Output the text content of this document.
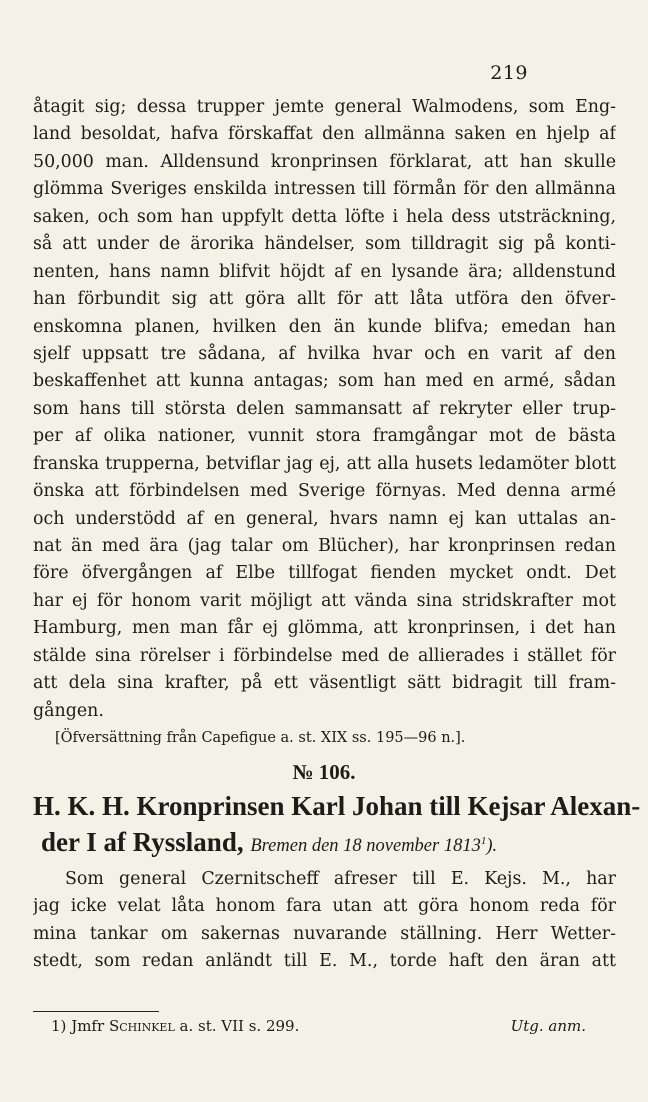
219
åtagit sig; dessa trupper jemte general Walmodens, som Eng-
land besoldat, hafva förskaffat den allmänna saken en hjelp af
50,000 man. Alldensund kronprinsen förklarat, att han skulle
glömma Sveriges enskilda intressen till förmån för den allmänna
saken, och som han uppfylt detta löfte i hela dess utsträckning,
så att under de ärorika händelser, som tilldragit sig på konti-
nenten, hans namn blifvit höjdt af en lysande ära; alldenstund
han förbundit sig att göra allt för att låta utföra den öfver-
enskomna planen, hvilken den än kunde blifva; emedan han
sjelf uppsatt tre sådana, af hvilka hvar och en varit af den
beskaffenhet att kunna antagas; som han med en armé, sådan
som hans till största delen sammansatt af rekryter eller trup-
per af olika nationer, vunnit stora framgångar mot de bästa
franska trupperna, betviflar jag ej, att alla husets ledamöter blott
önska att förbindelsen med Sverige förnyas. Med denna armé
och understödd af en general, hvars namn ej kan uttalas an-
nat än med ära (jag talar om Blücher), har kronprinsen redan
före öfvergången af Elbe tillfogat fienden mycket ondt. Det
har ej för honom varit möjligt att vända sina stridskrafter mot
Hamburg, men man får ej glömma, att kronprinsen, i det han
stälde sina rörelser i förbindelse med de allierades i stället för
att dela sina krafter, på ett väsentligt sätt bidragit till fram-
gången.
[Öfversättning från Capefigue a. st. XIX ss. 195—96 n.].
№ 106.
H. K. H. Kronprinsen Karl Johan till Kejsar Alexan-
der I af Ryssland, Bremen den 18 november 1813$^1$).
Som general Czernitscheff afreser till E. Kejs. M., har
jag icke velat låta honom fara utan att göra honom reda för
mina tankar om sakernas nuvarande ställning. Herr Wetter-
stedt, som redan anländt till E. M., torde haft den äran att
1) Jmfr Schinkel a. st. VII s. 299.	Utg. anm.
